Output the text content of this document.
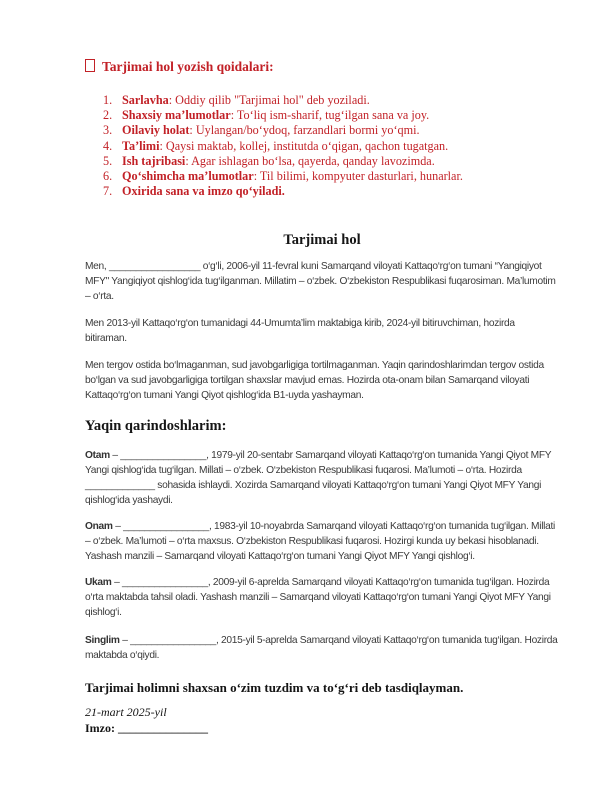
Tarjimai hol yozish qoidalari:
1. Sarlavha: Oddiy qilib "Tarjimai hol" deb yoziladi.
2. Shaxsiy ma’lumotlar: To‘liq ism-sharif, tug‘ilgan sana va joy.
3. Oilaviy holat: Uylangan/bo‘ydoq, farzandlari bormi yo‘qmi.
4. Ta’limi: Qaysi maktab, kollej, institutda o‘qigan, qachon tugatgan.
5. Ish tajribasi: Agar ishlagan bo‘lsa, qayerda, qanday lavozimda.
6. Qo‘shimcha ma’lumotlar: Til bilimi, kompyuter dasturlari, hunarlar.
7. Oxirida sana va imzo qo‘yiladi.
Tarjimai hol

Men, _________________ o‘g‘li, 2006-yil 11-fevral kuni Samarqand viloyati Kattaqo‘rg‘on tumani “Yangiqiyot MFY" Yangiqiyot qishlog‘ida tug‘ilganman. Millatim – o‘zbek. O‘zbekiston Respublikasi fuqarosiman. Ma’lumotim – o‘rta.

Men 2013-yil Kattaqo‘rg‘on tumanidagi 44-Umumta’lim maktabiga kirib, 2024-yil bitiruvchiman, hozirda bitiraman.

Men tergov ostida bo‘lmaganman, sud javobgarligiga tortilmaganman. Yaqin qarindoshlarimdan tergov ostida bo‘lgan va sud javobgarligiga tortilgan shaxslar mavjud emas. Hozirda ota-onam bilan Samarqand viloyati Kattaqo‘rg‘on tumani Yangi Qiyot qishlog‘ida B1-uyda yashayman.

Yaqin qarindoshlarim:

Otam – ________________, 1979-yil 20-sentabr Samarqand viloyati Kattaqo‘rg‘on tumanida Yangi Qiyot MFY Yangi qishlog‘ida tug‘ilgan. Millati – o‘zbek. O‘zbekiston Respublikasi fuqarosi. Ma’lumoti – o‘rta. Hozirda _____________ sohasida ishlaydi. Xozirda Samarqand viloyati Kattaqo‘rg‘on tumani Yangi Qiyot MFY Yangi qishlog‘ida yashaydi.

Onam – ________________, 1983-yil 10-noyabrda Samarqand viloyati Kattaqo‘rg‘on tumanida tug‘ilgan. Millati – o‘zbek. Ma’lumoti – o‘rta maxsus. O‘zbekiston Respublikasi fuqarosi. Hozirgi kunda uy bekasi hisoblanadi. Yashash manzili – Samarqand viloyati Kattaqo‘rg‘on tumani Yangi Qiyot MFY Yangi qishlog‘i.

Ukam – ________________, 2009-yil 6-aprelda Samarqand viloyati Kattaqo‘rg‘on tumanida tug‘ilgan. Hozirda o‘rta maktabda tahsil oladi. Yashash manzili – Samarqand viloyati Kattaqo‘rg‘on tumani Yangi Qiyot MFY Yangi qishlog‘i.

Singlim – ________________, 2015-yil 5-aprelda Samarqand viloyati Kattaqo‘rg‘on tumanida tug‘ilgan. Hozirda maktabda o‘qiydi.

Tarjimai holimni shaxsan o‘zim tuzdim va to‘g‘ri deb tasdiqlayman.

21-mart 2025-yil

Imzo: _______________
